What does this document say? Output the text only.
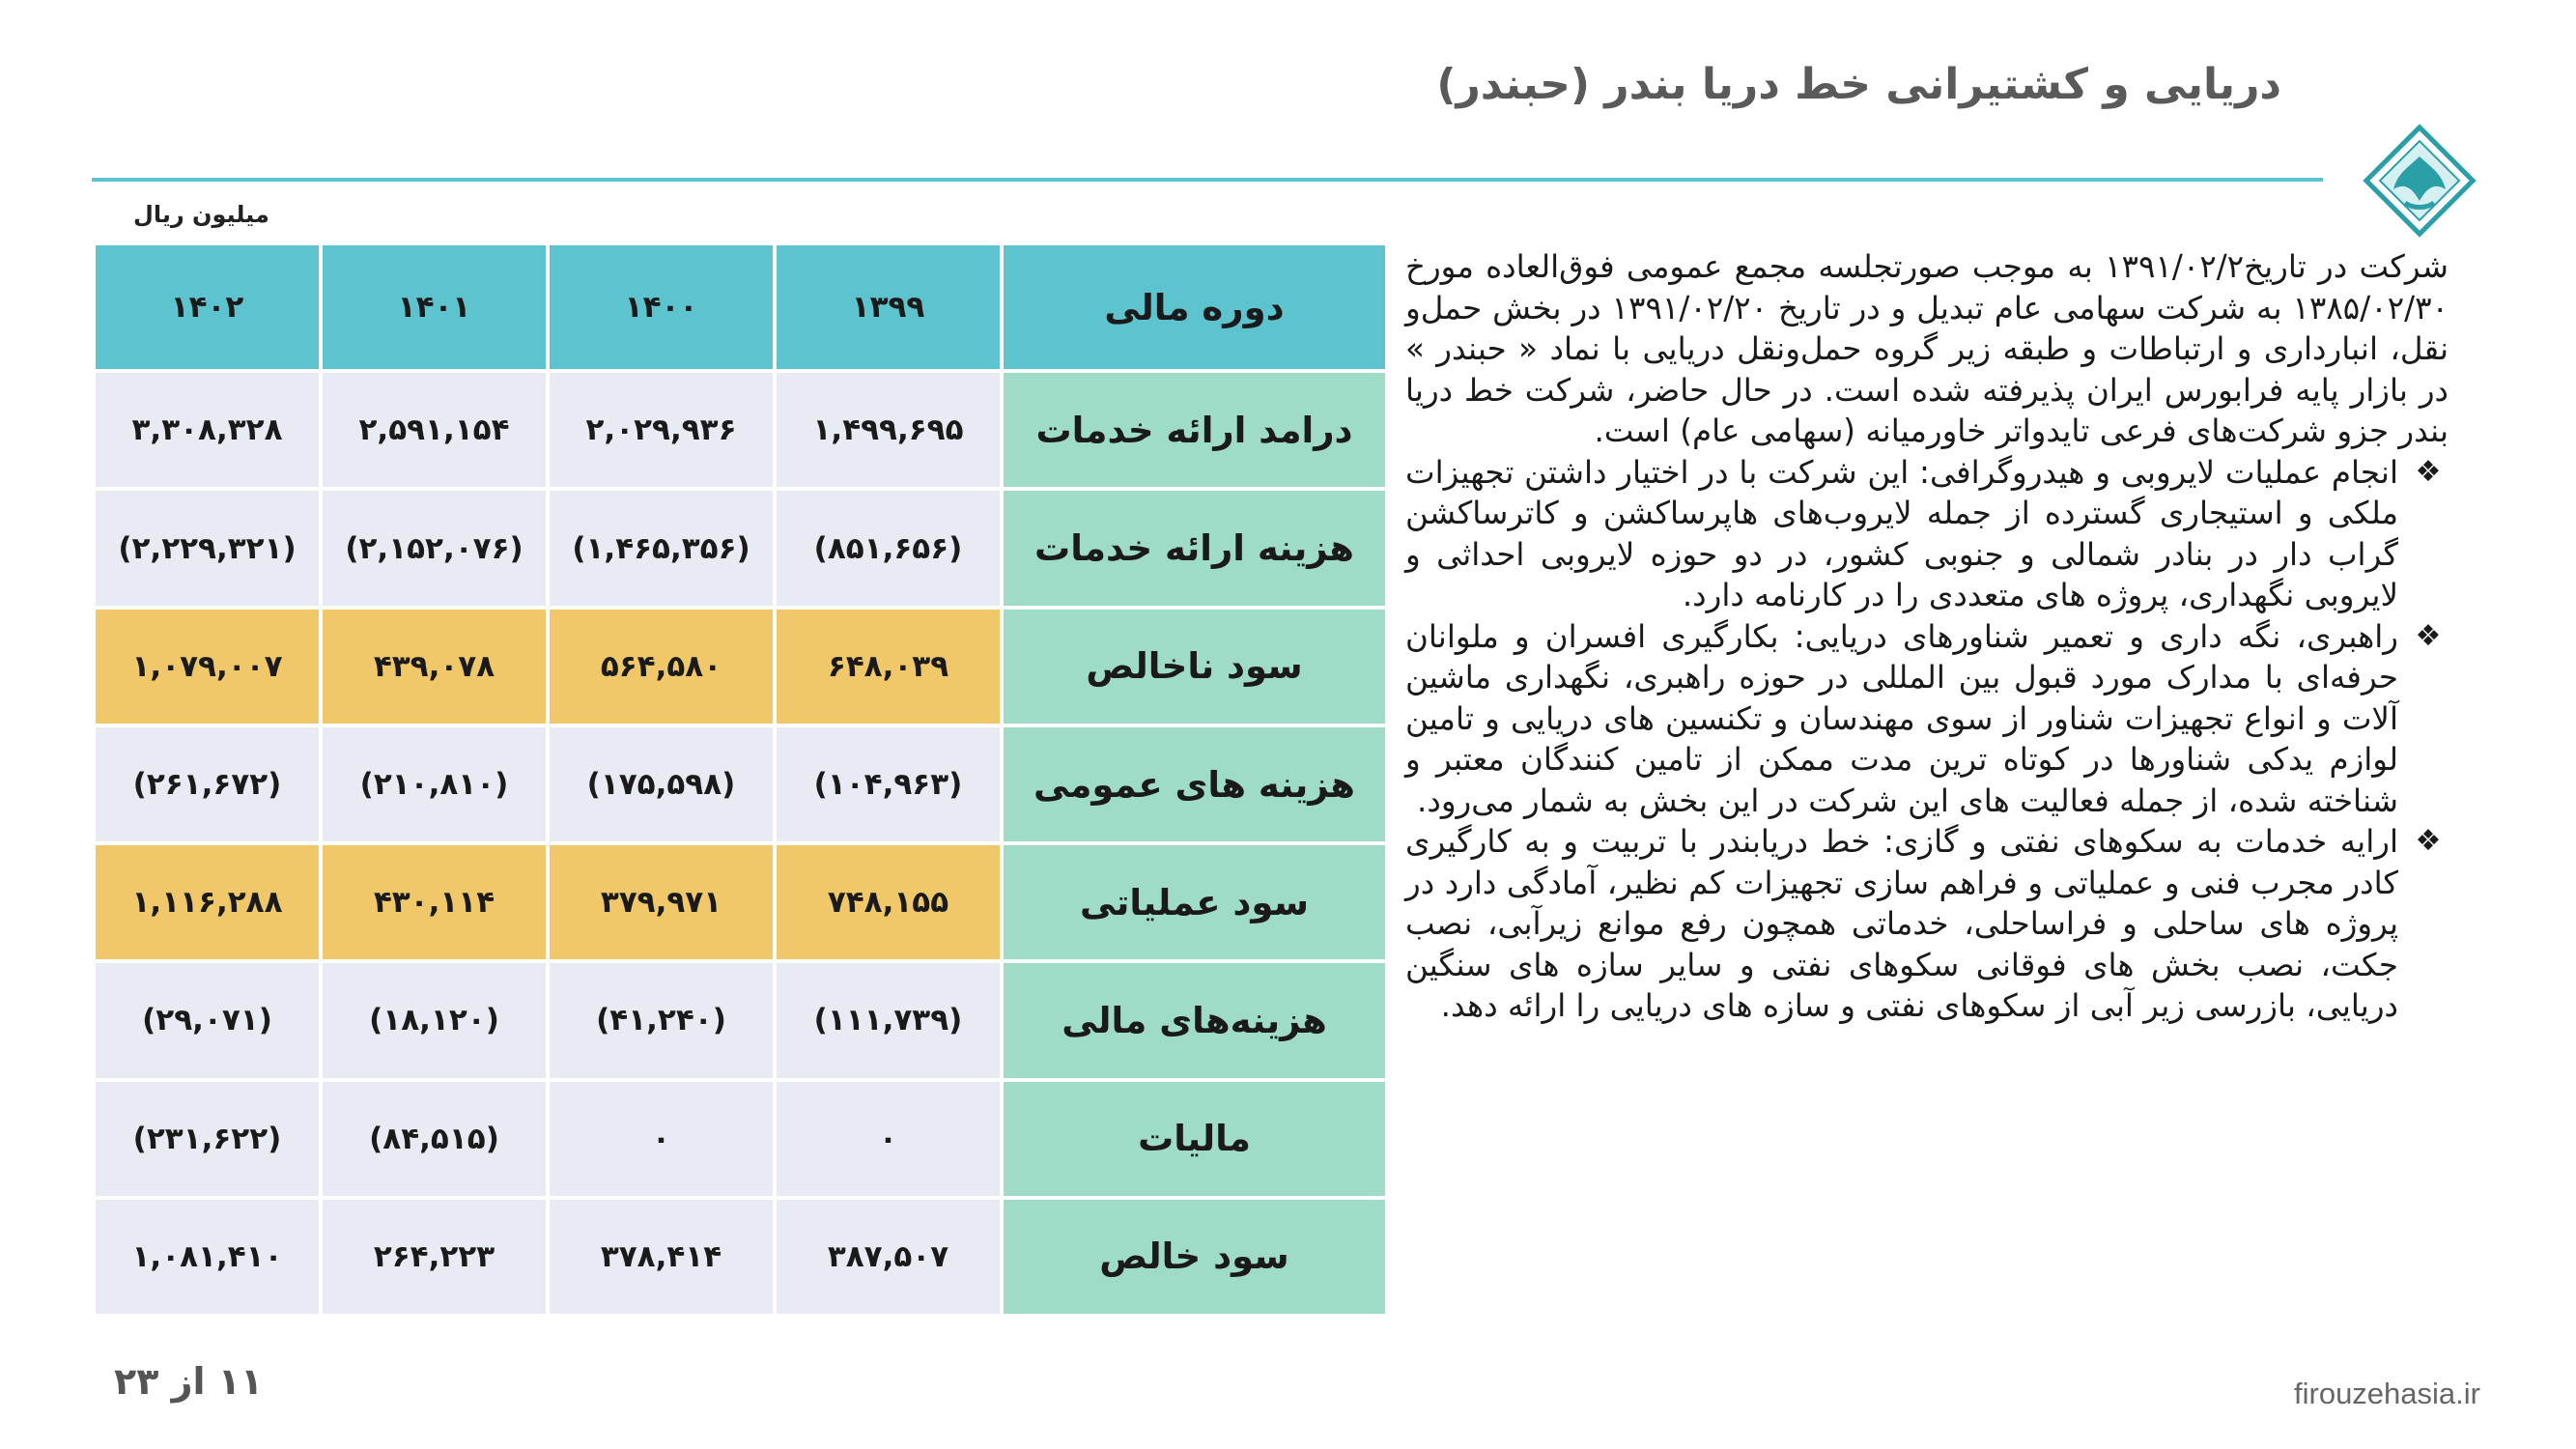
دریایی و کشتیرانی خط دریا بندر (حبندر)
میلیون ریال
دوره مالی	۱۳۹۹	۱۴۰۰	۱۴۰۱	۱۴۰۲
درامد ارائه خدمات	۱,۴۹۹,۶۹۵	۲,۰۲۹,۹۳۶	۲,۵۹۱,۱۵۴	۳,۳۰۸,۳۲۸
هزینه ارائه خدمات	(۸۵۱,۶۵۶)	(۱,۴۶۵,۳۵۶)	(۲,۱۵۲,۰۷۶)	(۲,۲۲۹,۳۲۱)
سود ناخالص	۶۴۸,۰۳۹	۵۶۴,۵۸۰	۴۳۹,۰۷۸	۱,۰۷۹,۰۰۷
هزینه های عمومی	(۱۰۴,۹۶۳)	(۱۷۵,۵۹۸)	(۲۱۰,۸۱۰)	(۲۶۱,۶۷۲)
سود عملیاتی	۷۴۸,۱۵۵	۳۷۹,۹۷۱	۴۳۰,۱۱۴	۱,۱۱۶,۲۸۸
هزینه‌های مالی	(۱۱۱,۷۳۹)	(۴۱,۲۴۰)	(۱۸,۱۲۰)	(۲۹,۰۷۱)
مالیات	۰	۰	(۸۴,۵۱۵)	(۲۳۱,۶۲۲)
سود خالص	۳۸۷,۵۰۷	۳۷۸,۴۱۴	۲۶۴,۲۲۳	۱,۰۸۱,۴۱۰

شرکت در تاریخ۱۳۹۱/۰۲/۲ به موجب صورتجلسه مجمع عمومی فوق‌العاده مورخ ۱۳۸۵/۰۲/۳۰ به شرکت سهامی عام تبدیل و در تاریخ ۱۳۹۱/۰۲/۲۰ در بخش حمل‌و نقل، انبارداری و ارتباطات و طبقه زیر گروه حمل‌ونقل دریایی با نماد « حبندر » در بازار پایه فرابورس ایران پذیرفته شده است. در حال حاضر، شرکت خط دریا بندر جزو شرکت‌های فرعی تایدواتر خاورمیانه (سهامی عام) است.

❖
انجام عملیات لایروبی و هیدروگرافی: این شرکت با در اختیار داشتن تجهیزات ملکی و استیجاری گسترده از جمله لایروب‌های هاپرساکشن و کاترساکشن گراب دار در بنادر شمالی و جنوبی کشور، در دو حوزه لایروبی احداثی و لایروبی نگهداری، پروژه های متعددی را در کارنامه دارد.
❖
راهبری، نگه داری و تعمیر شناورهای دریایی: بکارگیری افسران و ملوانان حرفه‌ای با مدارک مورد قبول بین المللی در حوزه راهبری، نگهداری ماشین آلات و انواع تجهیزات شناور از سوی مهندسان و تکنسین های دریایی و تامین لوازم یدکی شناورها در کوتاه ترین مدت ممکن از تامین کنندگان معتبر و شناخته شده، از جمله فعالیت های این شرکت در این بخش به شمار می‌رود.
❖
ارایه خدمات به سکوهای نفتی و گازی: خط دریابندر با تربیت و به کارگیری کادر مجرب فنی و عملیاتی و فراهم سازی تجهیزات کم نظیر، آمادگی دارد در پروژه های ساحلی و فراساحلی، خدماتی همچون رفع موانع زیرآبی، نصب جکت، نصب بخش های فوقانی سکوهای نفتی و سایر سازه های سنگین دریایی، بازرسی زیر آبی از سکوهای نفتی و سازه های دریایی را ارائه دهد.
۱۱ از ۲۳	firouzehasia.ir
